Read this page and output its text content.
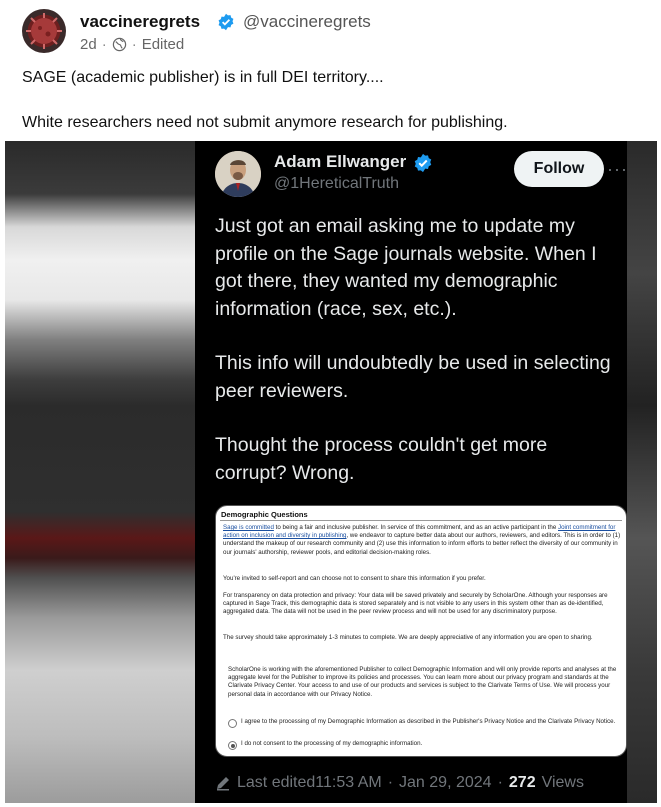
vaccineregrets	@vaccineregrets
2d · · Edited

SAGE (academic publisher) is in full DEI territory....

White researchers need not submit anymore research for publishing.

Adam Ellwanger
@1HereticalTruth
Follow	···

Just got an email asking me to update my profile on the Sage journals website. When I got there, they wanted my demographic information (race, sex, etc.).

This info will undoubtedly be used in selecting peer reviewers.

Thought the process couldn't get more corrupt? Wrong.

Demographic Questions
Sage is committed to being a fair and inclusive publisher. In service of this commitment, and as an active participant in the Joint commitment for action on inclusion and diversity in publishing, we endeavor to capture better data about our authors, reviewers, and editors. This is in order to (1) understand the makeup of our research community and (2) use this information to inform efforts to better reflect the diversity of our community in our journals' authorship, reviewer pools, and editorial decision-making roles.
You're invited to self-report and can choose not to consent to share this information if you prefer.
For transparency on data protection and privacy: Your data will be saved privately and securely by ScholarOne. Although your responses are captured in Sage Track, this demographic data is stored separately and is not visible to any users in this system other than as de-identified, aggregated data. The data will not be used in the peer review process and will not be used for any discriminatory purpose.
The survey should take approximately 1-3 minutes to complete. We are deeply appreciative of any information you are open to sharing.
ScholarOne is working with the aforementioned Publisher to collect Demographic Information and will only provide reports and analyses at the aggregate level for the Publisher to improve its policies and processes. You can learn more about our privacy program and standards at the Clarivate Privacy Center. Your access to and use of our products and services is subject to the Clarivate Terms of Use. We will process your personal data in accordance with our Privacy Notice.
I agree to the processing of my Demographic Information as described in the Publisher's Privacy Notice and the Clarivate Privacy Notice.
I do not consent to the processing of my demographic information.
Last edited11:53 AM · Jan 29, 2024 · 272 Views
